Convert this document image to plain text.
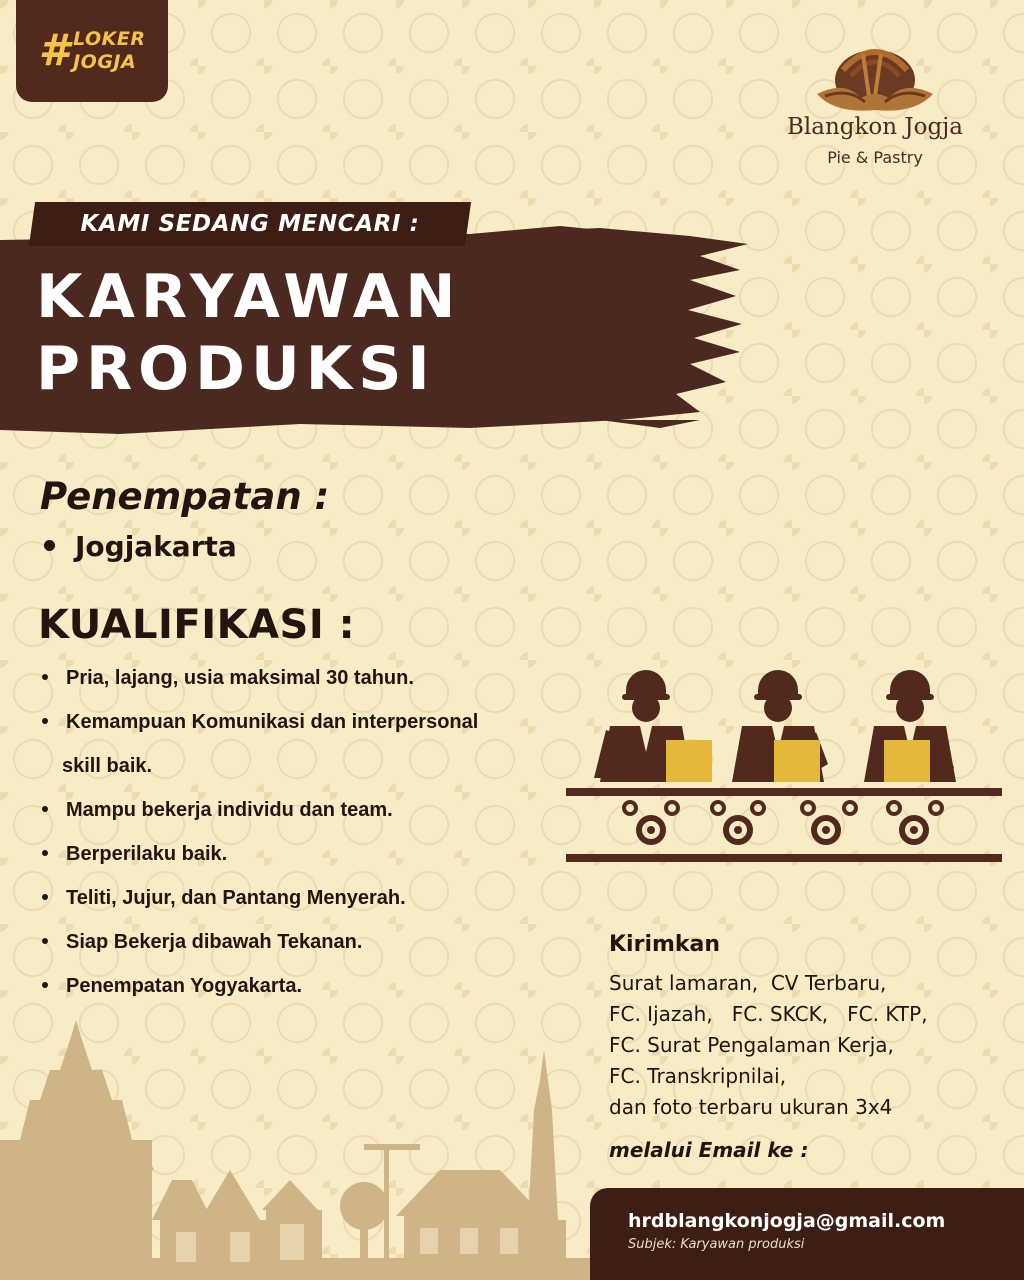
# LOKER
JOGJA
Blangkon Jogja
Pie & Pastry
KAMI SEDANG MENCARI :
KARYAWAN
PRODUKSI
Penempatan :
Jogjakarta
KUALIFIKASI :
Pria, lajang, usia maksimal 30 tahun.
Kemampuan Komunikasi dan interpersonal
skill baik.
Mampu bekerja individu dan team.
Berperilaku baik.
Teliti, Jujur, dan Pantang Menyerah.
Siap Bekerja dibawah Tekanan.
Penempatan Yogyakarta.
Kirimkan
Surat lamaran,  CV Terbaru,
FC. Ijazah,   FC. SKCK,   FC. KTP,
FC. Surat Pengalaman Kerja,
FC. Transkripnilai,
dan foto terbaru ukuran 3x4
melalui Email ke :
hrdblangkonjogja@gmail.com
Subjek: Karyawan produksi
